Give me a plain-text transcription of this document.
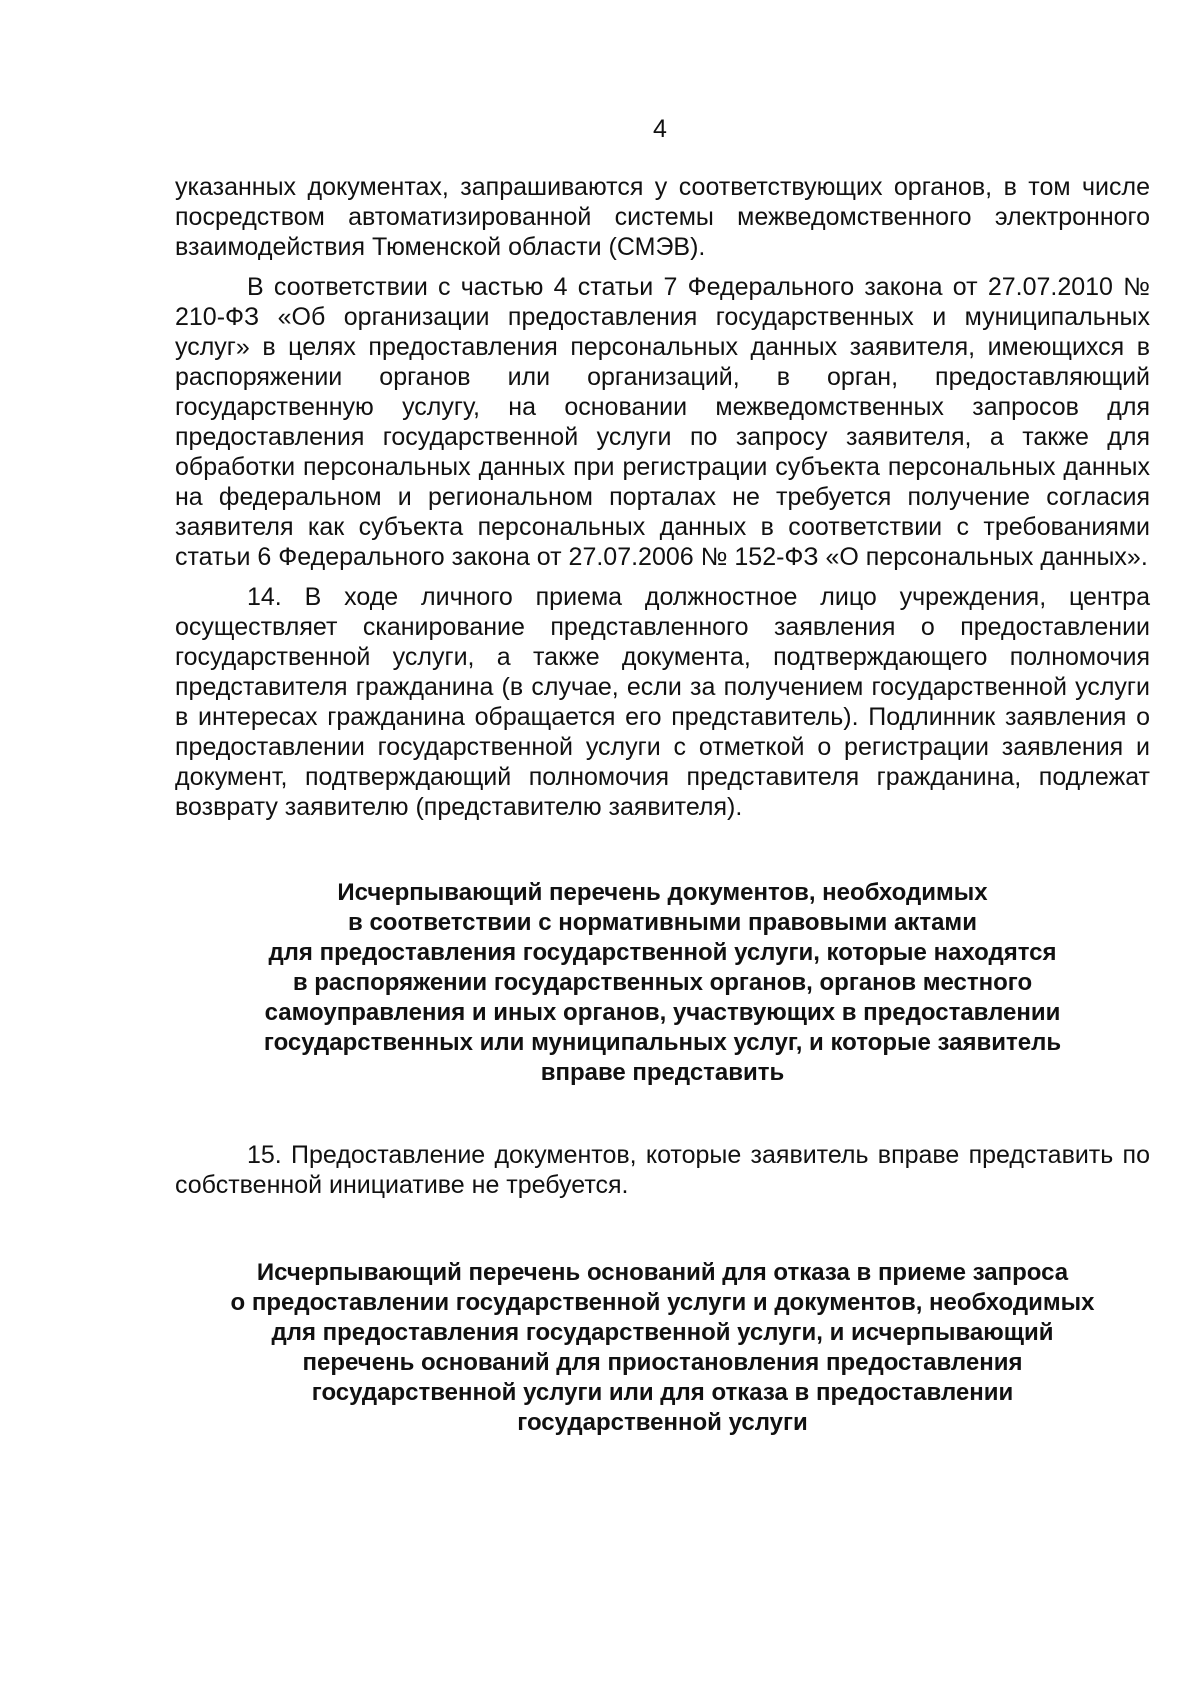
4

указанных документах, запрашиваются у соответствующих органов, в том числе посредством автоматизированной системы межведомственного электронного взаимодействия Тюменской области (СМЭВ).

В соответствии с частью 4 статьи 7 Федерального закона от 27.07.2010 № 210-ФЗ «Об организации предоставления государственных и муниципальных услуг» в целях предоставления персональных данных заявителя, имеющихся в распоряжении органов или организаций, в орган, предоставляющий государственную услугу, на основании межведомственных запросов для предоставления государственной услуги по запросу заявителя, а также для обработки персональных данных при регистрации субъекта персональных данных на федеральном и региональном порталах не требуется получение согласия заявителя как субъекта персональных данных в соответствии с требованиями статьи 6 Федерального закона от 27.07.2006 № 152-ФЗ «О персональных данных».

14. В ходе личного приема должностное лицо учреждения, центра осуществляет сканирование представленного заявления о предоставлении государственной услуги, а также документа, подтверждающего полномочия представителя гражданина (в случае, если за получением государственной услуги в интересах гражданина обращается его представитель). Подлинник заявления о предоставлении государственной услуги с отметкой о регистрации заявления и документ, подтверждающий полномочия представителя гражданина, подлежат возврату заявителю (представителю заявителя).

Исчерпывающий перечень документов, необходимых
в соответствии с нормативными правовыми актами
для предоставления государственной услуги, которые находятся
в распоряжении государственных органов, органов местного
самоуправления и иных органов, участвующих в предоставлении
государственных или муниципальных услуг, и которые заявитель
вправе представить

15. Предоставление документов, которые заявитель вправе представить по собственной инициативе не требуется.

Исчерпывающий перечень оснований для отказа в приеме запроса
о предоставлении государственной услуги и документов, необходимых
для предоставления государственной услуги, и исчерпывающий
перечень оснований для приостановления предоставления
государственной услуги или для отказа в предоставлении
государственной услуги
